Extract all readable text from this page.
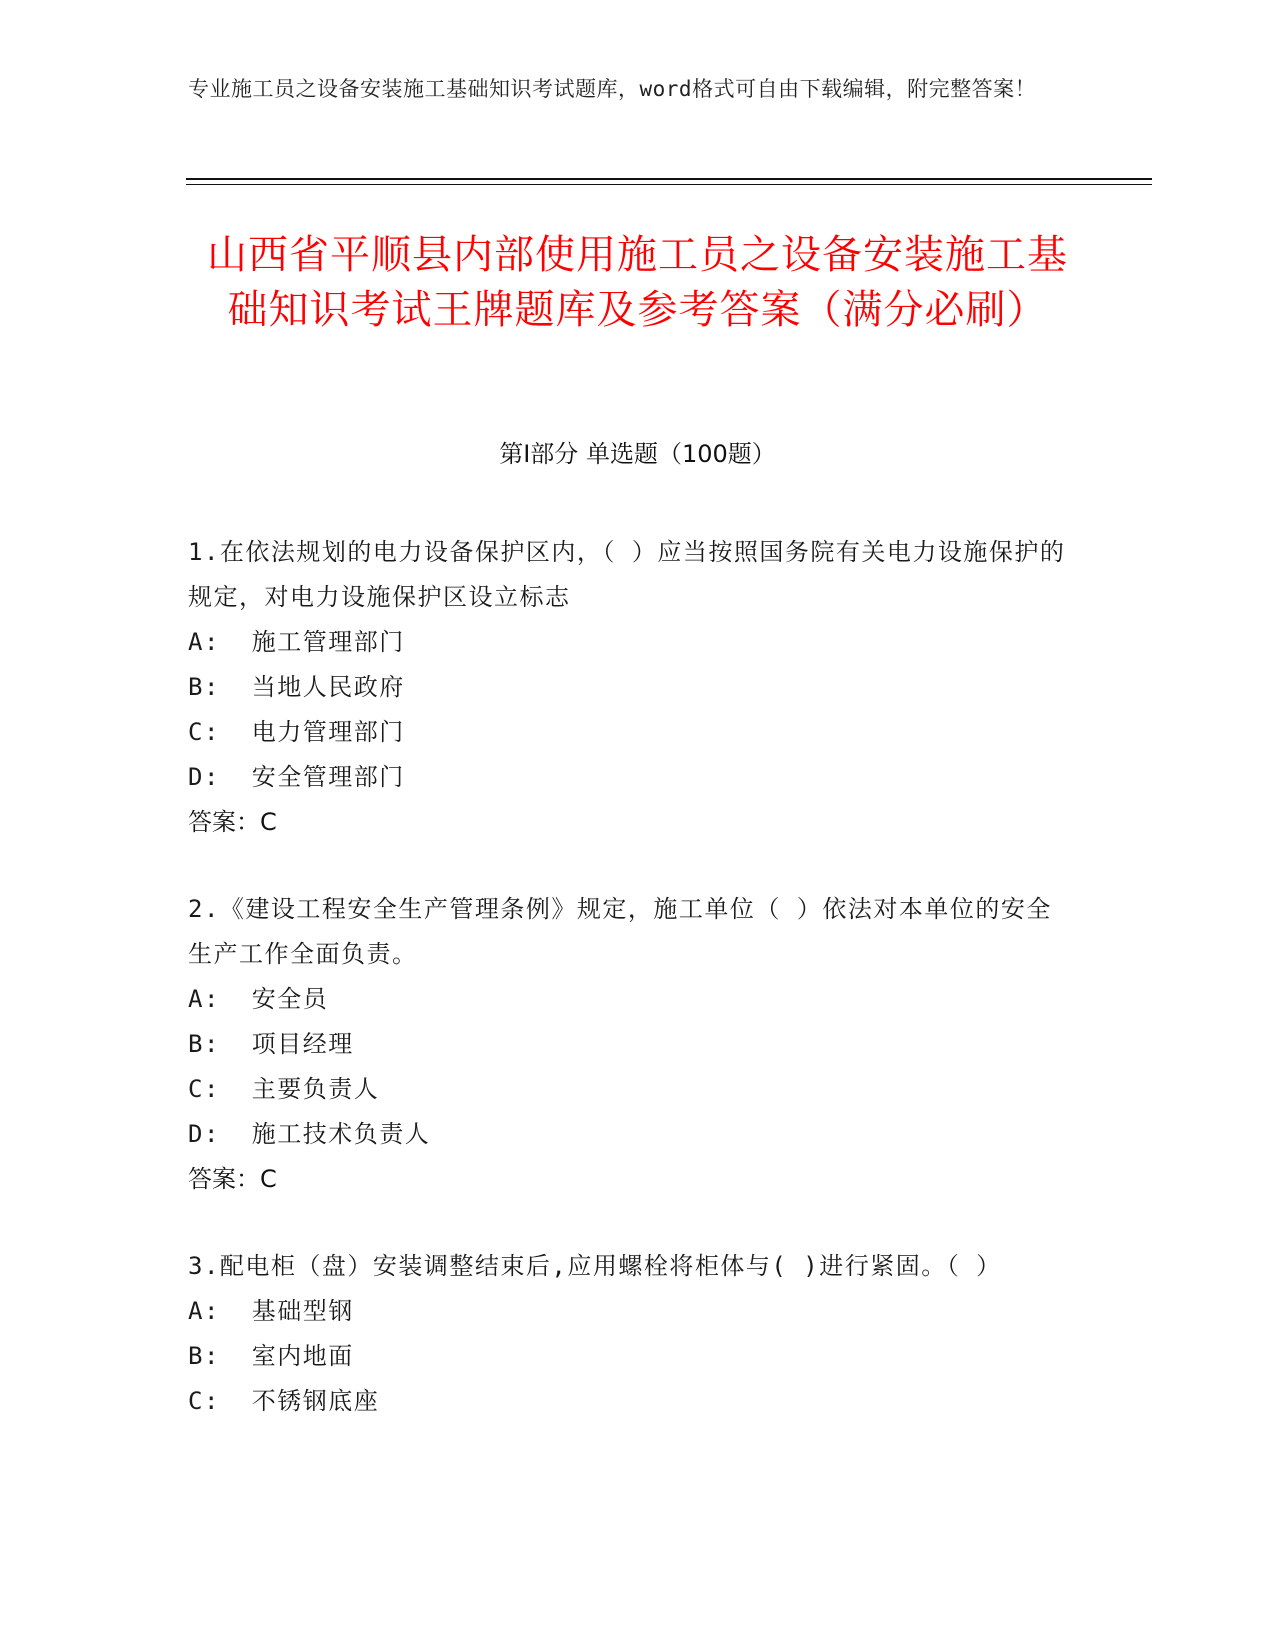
专业施工员之设备安装施工基础知识考试题库，word格式可自由下载编辑，附完整答案！
山西省平顺县内部使用施工员之设备安装施工基础知识考试王牌题库及参考答案（满分必刷）
第Ⅰ部分 单选题（100题）
1.在依法规划的电力设备保护区内，（ ）应当按照国务院有关电力设施保护的规定，对电力设施保护区设立标志
A:  施工管理部门
B:  当地人民政府
C:  电力管理部门
D:  安全管理部门
答案：C
2.《建设工程安全生产管理条例》规定，施工单位（ ）依法对本单位的安全生产工作全面负责。
A:  安全员
B:  项目经理
C:  主要负责人
D:  施工技术负责人
答案：C
3.配电柜（盘）安装调整结束后,应用螺栓将柜体与( )进行紧固。（ ）
A:  基础型钢
B:  室内地面
C:  不锈钢底座
